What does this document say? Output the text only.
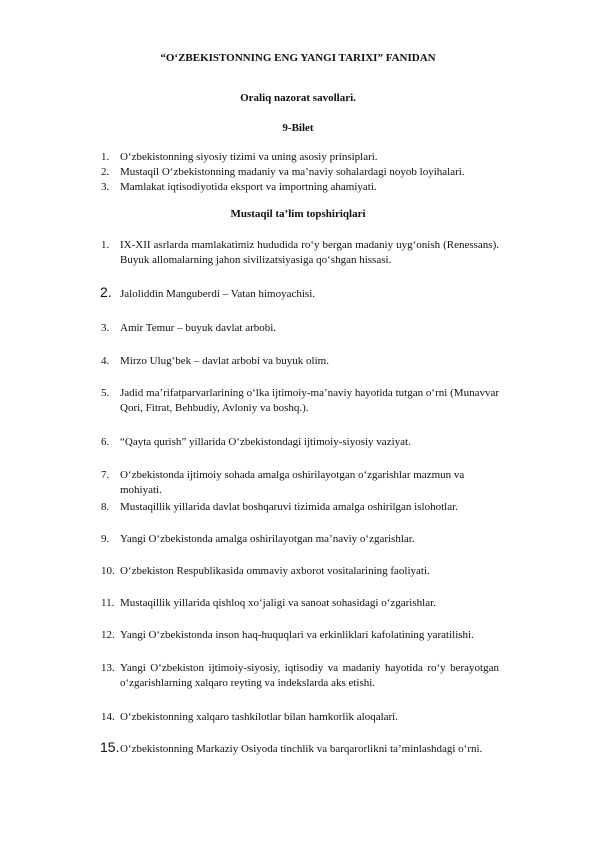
“O‘ZBEKISTONNING ENG YANGI TARIXI” FANIDAN
Oraliq nazorat savollari.
9-Bilet
1. O‘zbekistonning siyosiy tizimi va uning asosiy prinsiplari.
2. Mustaqil O‘zbekistonning madaniy va ma’naviy sohalardagi noyob loyihalari.
3. Mamlakat iqtisodiyotida eksport va importning ahamiyati.
Mustaqil ta’lim topshiriqlari
1. IX-XII asrlarda mamlakatimiz hududida ro‘y bergan madaniy uyg‘onish (Renessans). Buyuk allomalarning jahon sivilizatsiyasiga qo‘shgan hissasi.
2. Jaloliddin Manguberdi – Vatan himoyachisi.
3. Amir Temur – buyuk davlat arbobi.
4. Mirzo Ulug‘bek – davlat arbobi va buyuk olim.
5. Jadid ma’rifatparvarlarining o‘lka ijtimoiy-ma’naviy hayotida tutgan o‘rni (Munavvar Qori, Fitrat, Behbudiy, Avloniy va boshq.).
6. “Qayta qurish” yillarida O‘zbekistondagi ijtimoiy-siyosiy vaziyat.
7. O‘zbekistonda ijtimoiy sohada amalga oshirilayotgan o‘zgarishlar mazmun va mohiyati.
8. Mustaqillik yillarida davlat boshqaruvi tizimida amalga oshirilgan islohotlar.
9. Yangi O‘zbekistonda amalga oshirilayotgan ma’naviy o‘zgarishlar.
10. O‘zbekiston Respublikasida ommaviy axborot vositalarining faoliyati.
11. Mustaqillik yillarida qishloq xo‘jaligi va sanoat sohasidagi o‘zgarishlar.
12. Yangi O‘zbekistonda inson haq-huquqlari va erkinliklari kafolatining yaratilishi.
13. Yangi O‘zbekiston ijtimoiy-siyosiy, iqtisodiy va madaniy hayotida ro‘y berayotgan o‘zgarishlarning xalqaro reyting va indekslarda aks etishi.
14. O‘zbekistonning xalqaro tashkilotlar bilan hamkorlik aloqalari.
15. O‘zbekistonning Markaziy Osiyoda tinchlik va barqarorlikni ta’minlashdagi o‘rni.
